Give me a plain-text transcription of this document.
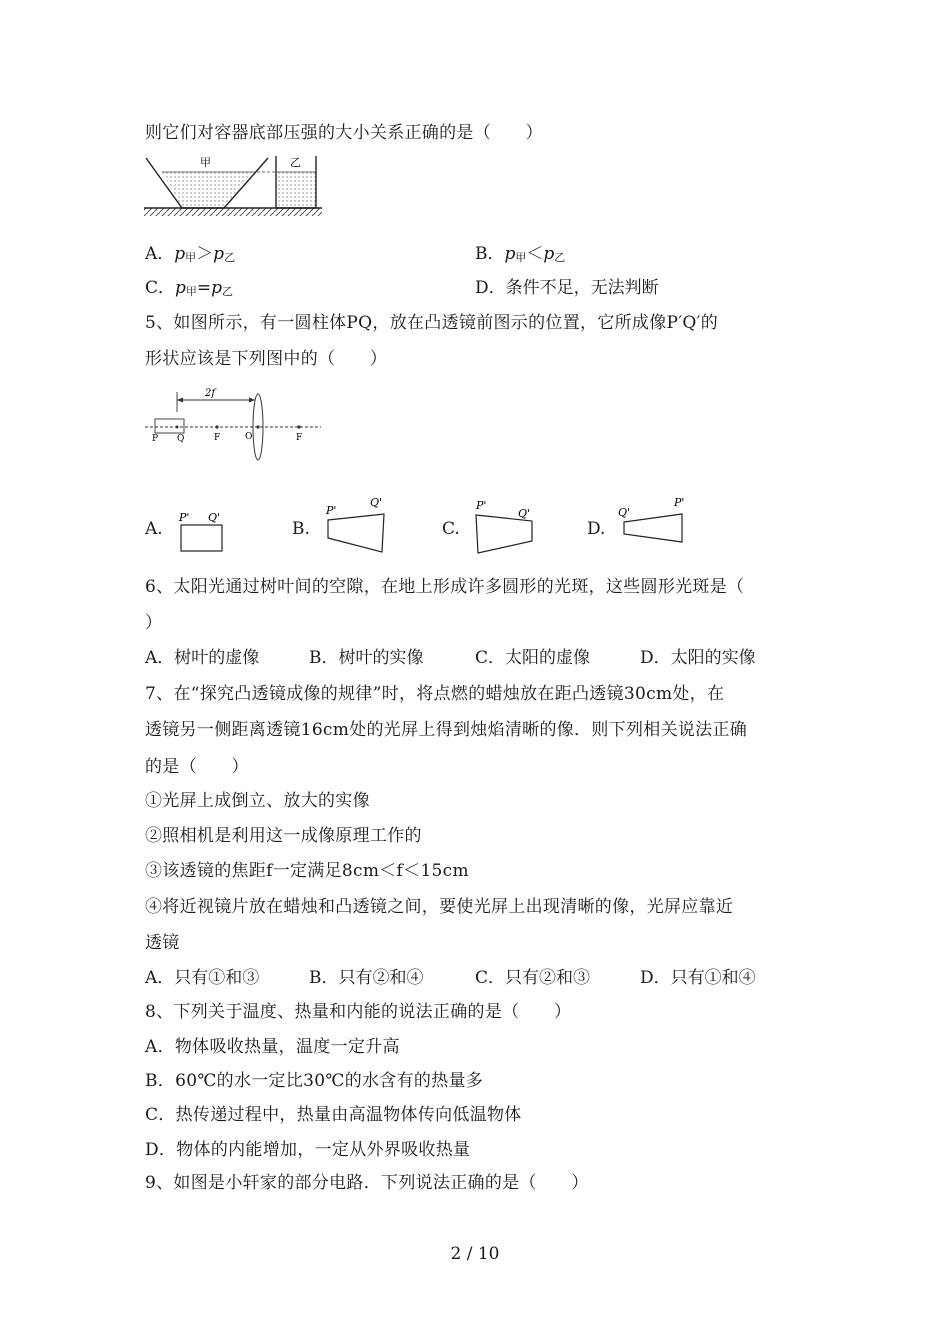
则它们对容器底部压强的大小关系正确的是（　　）
甲	乙
A．p甲＞p乙	B．p甲＜p乙
C．p甲=p乙	D．条件不足，无法判断
5、如图所示，有一圆柱体PQ，放在凸透镜前图示的位置，它所成像P′Q′的
形状应该是下列图中的（　　）
2f
P Q	F	O	F
A.
P' Q'
B.
P'
Q'
C.
P'
Q'
D.
Q'
P'
6、太阳光通过树叶间的空隙，在地上形成许多圆形的光斑，这些圆形光斑是（
）
A．树叶的虚像	B．树叶的实像	C．太阳的虚像	D．太阳的实像
7、在“探究凸透镜成像的规律”时，将点燃的蜡烛放在距凸透镜30cm处，在
透镜另一侧距离透镜16cm处的光屏上得到烛焰清晰的像．则下列相关说法正确
的是（　　）
①光屏上成倒立、放大的实像
②照相机是利用这一成像原理工作的
③该透镜的焦距f一定满足8cm＜f＜15cm
④将近视镜片放在蜡烛和凸透镜之间，要使光屏上出现清晰的像，光屏应靠近
透镜
A．只有①和③	B．只有②和④	C．只有②和③	D．只有①和④
8、下列关于温度、热量和内能的说法正确的是（　　）
A．物体吸收热量，温度一定升高
B．60℃的水一定比30℃的水含有的热量多
C．热传递过程中，热量由高温物体传向低温物体
D．物体的内能增加，一定从外界吸收热量
9、如图是小轩家的部分电路．下列说法正确的是（　　）
2 / 10
